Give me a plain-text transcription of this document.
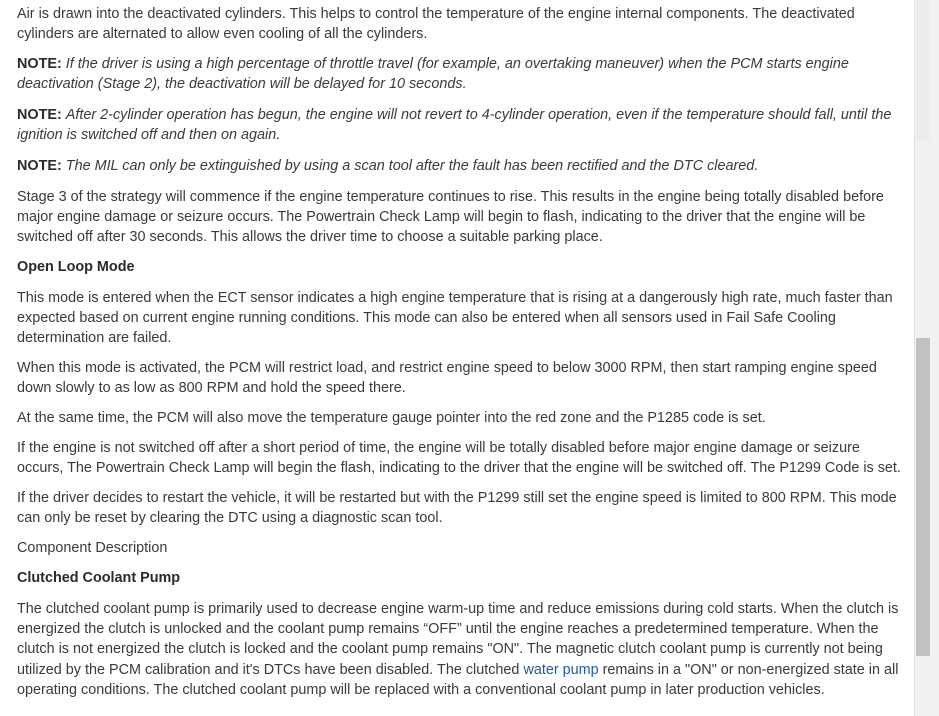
Air is drawn into the deactivated cylinders. This helps to control the temperature of the engine internal components. The deactivated cylinders are alternated to allow even cooling of all the cylinders.

NOTE: If the driver is using a high percentage of throttle travel (for example, an overtaking maneuver) when the PCM starts engine deactivation (Stage 2), the deactivation will be delayed for 10 seconds.

NOTE: After 2-cylinder operation has begun, the engine will not revert to 4-cylinder operation, even if the temperature should fall, until the ignition is switched off and then on again.

NOTE: The MIL can only be extinguished by using a scan tool after the fault has been rectified and the DTC cleared.

Stage 3 of the strategy will commence if the engine temperature continues to rise. This results in the engine being totally disabled before major engine damage or seizure occurs. The Powertrain Check Lamp will begin to flash, indicating to the driver that the engine will be switched off after 30 seconds. This allows the driver time to choose a suitable parking place.

Open Loop Mode

This mode is entered when the ECT sensor indicates a high engine temperature that is rising at a dangerously high rate, much faster than expected based on current engine running conditions. This mode can also be entered when all sensors used in Fail Safe Cooling determination are failed.

When this mode is activated, the PCM will restrict load, and restrict engine speed to below 3000 RPM, then start ramping engine speed down slowly to as low as 800 RPM and hold the speed there.

At the same time, the PCM will also move the temperature gauge pointer into the red zone and the P1285 code is set.

If the engine is not switched off after a short period of time, the engine will be totally disabled before major engine damage or seizure occurs, The Powertrain Check Lamp will begin the flash, indicating to the driver that the engine will be switched off. The P1299 Code is set.

If the driver decides to restart the vehicle, it will be restarted but with the P1299 still set the engine speed is limited to 800 RPM. This mode can only be reset by clearing the DTC using a diagnostic scan tool.

Component Description

Clutched Coolant Pump

The clutched coolant pump is primarily used to decrease engine warm-up time and reduce emissions during cold starts. When the clutch is energized the clutch is unlocked and the coolant pump remains “OFF” until the engine reaches a predetermined temperature. When the clutch is not energized the clutch is locked and the coolant pump remains "ON". The magnetic clutch coolant pump is currently not being utilized by the PCM calibration and it's DTCs have been disabled. The clutched water pump remains in a "ON" or non-energized state in all operating conditions. The clutched coolant pump will be replaced with a conventional coolant pump in later production vehicles.
